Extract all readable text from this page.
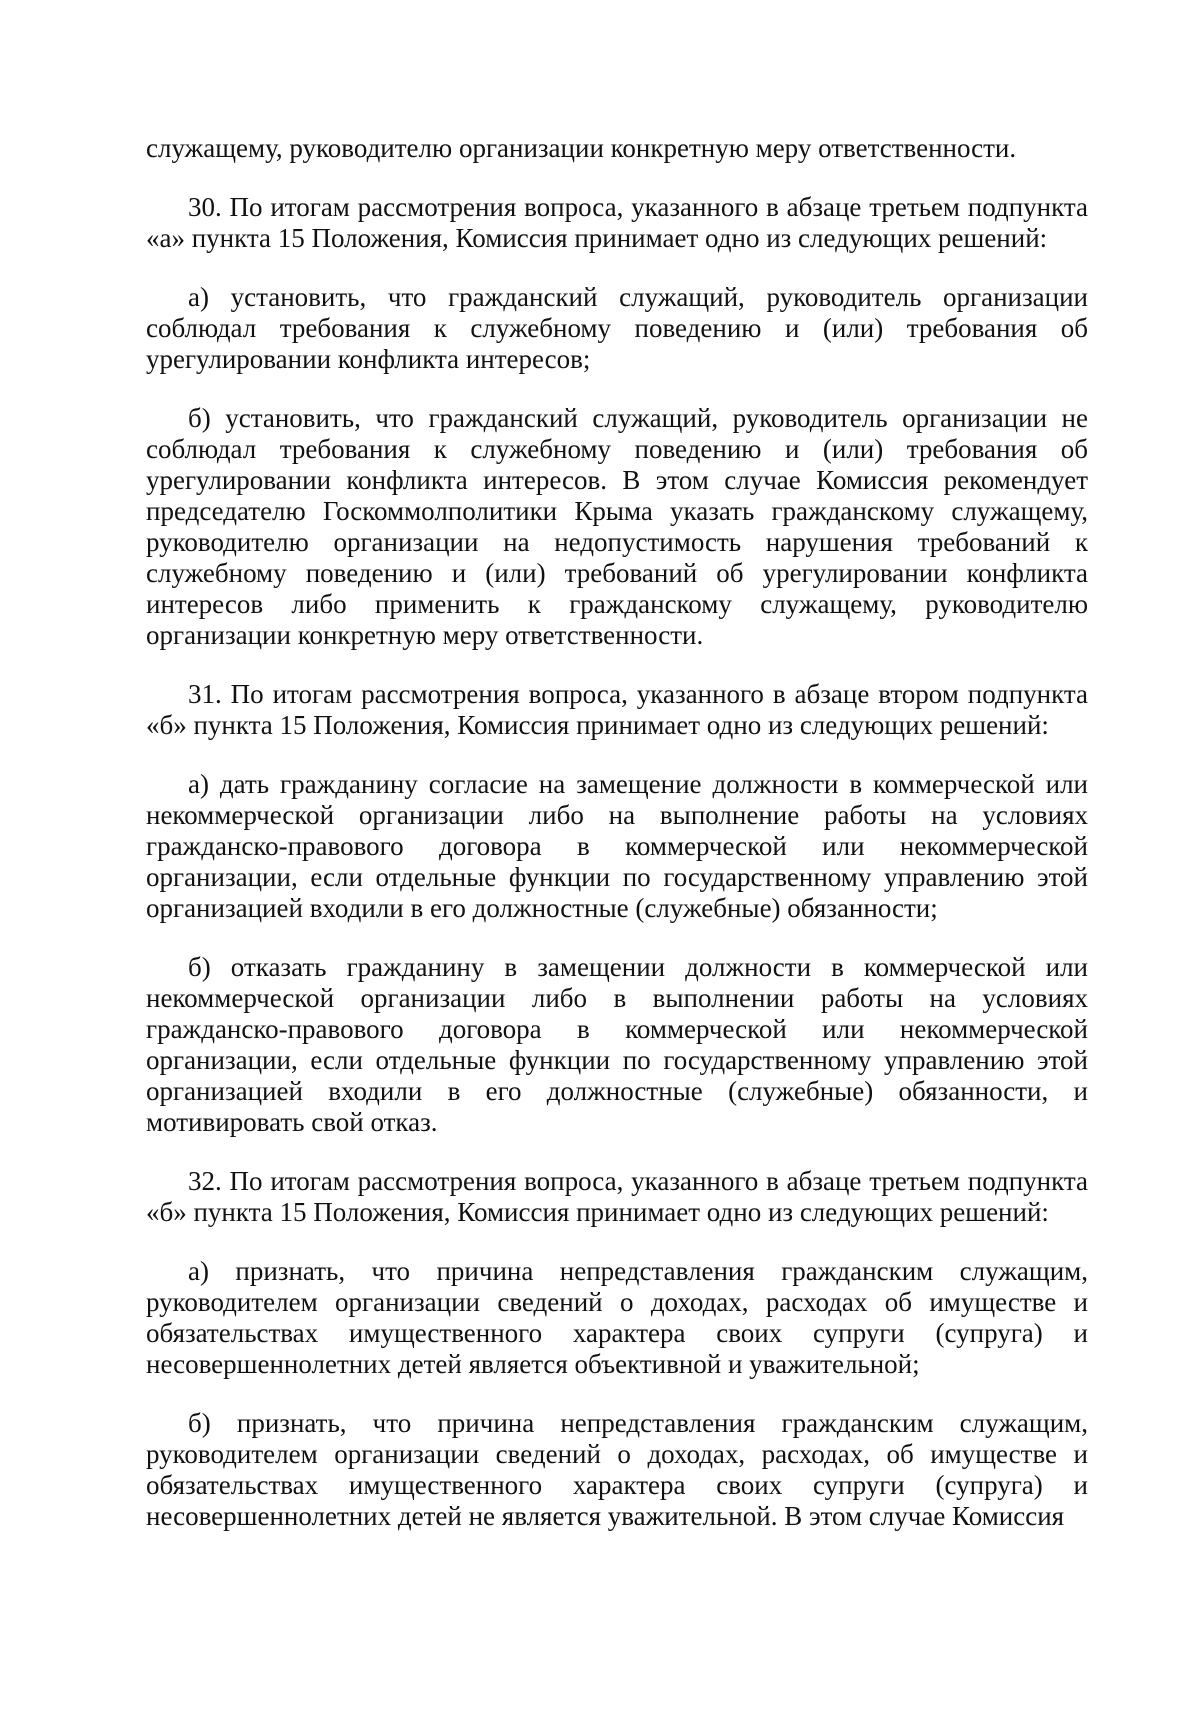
служащему, руководителю организации конкретную меру ответственности.

30. По итогам рассмотрения вопроса, указанного в абзаце третьем подпункта «а» пункта 15 Положения, Комиссия принимает одно из следующих решений:

а) установить, что гражданский служащий, руководитель организации соблюдал требования к служебному поведению и (или) требования об урегулировании конфликта интересов;

б) установить, что гражданский служащий, руководитель организации не соблюдал требования к служебному поведению и (или) требования об урегулировании конфликта интересов. В этом случае Комиссия рекомендует председателю Госкоммолполитики Крыма указать гражданскому служащему, руководителю организации на недопустимость нарушения требований к служебному поведению и (или) требований об урегулировании конфликта интересов либо применить к гражданскому служащему, руководителю организации конкретную меру ответственности.

31. По итогам рассмотрения вопроса, указанного в абзаце втором подпункта «б» пункта 15 Положения, Комиссия принимает одно из следующих решений:

а) дать гражданину согласие на замещение должности в коммерческой или некоммерческой организации либо на выполнение работы на условиях гражданско-правового договора в коммерческой или некоммерческой организации, если отдельные функции по государственному управлению этой организацией входили в его должностные (служебные) обязанности;

б) отказать гражданину в замещении должности в коммерческой или некоммерческой организации либо в выполнении работы на условиях гражданско-правового договора в коммерческой или некоммерческой организации, если отдельные функции по государственному управлению этой организацией входили в его должностные (служебные) обязанности, и мотивировать свой отказ.

32. По итогам рассмотрения вопроса, указанного в абзаце третьем подпункта «б» пункта 15 Положения, Комиссия принимает одно из следующих решений:

а) признать, что причина непредставления гражданским служащим, руководителем организации сведений о доходах, расходах об имуществе и обязательствах имущественного характера своих супруги (супруга) и несовершеннолетних детей является объективной и уважительной;

б) признать, что причина непредставления гражданским служащим, руководителем организации сведений о доходах, расходах, об имуществе и обязательствах имущественного характера своих супруги (супруга) и несовершеннолетних детей не является уважительной. В этом случае Комиссия
